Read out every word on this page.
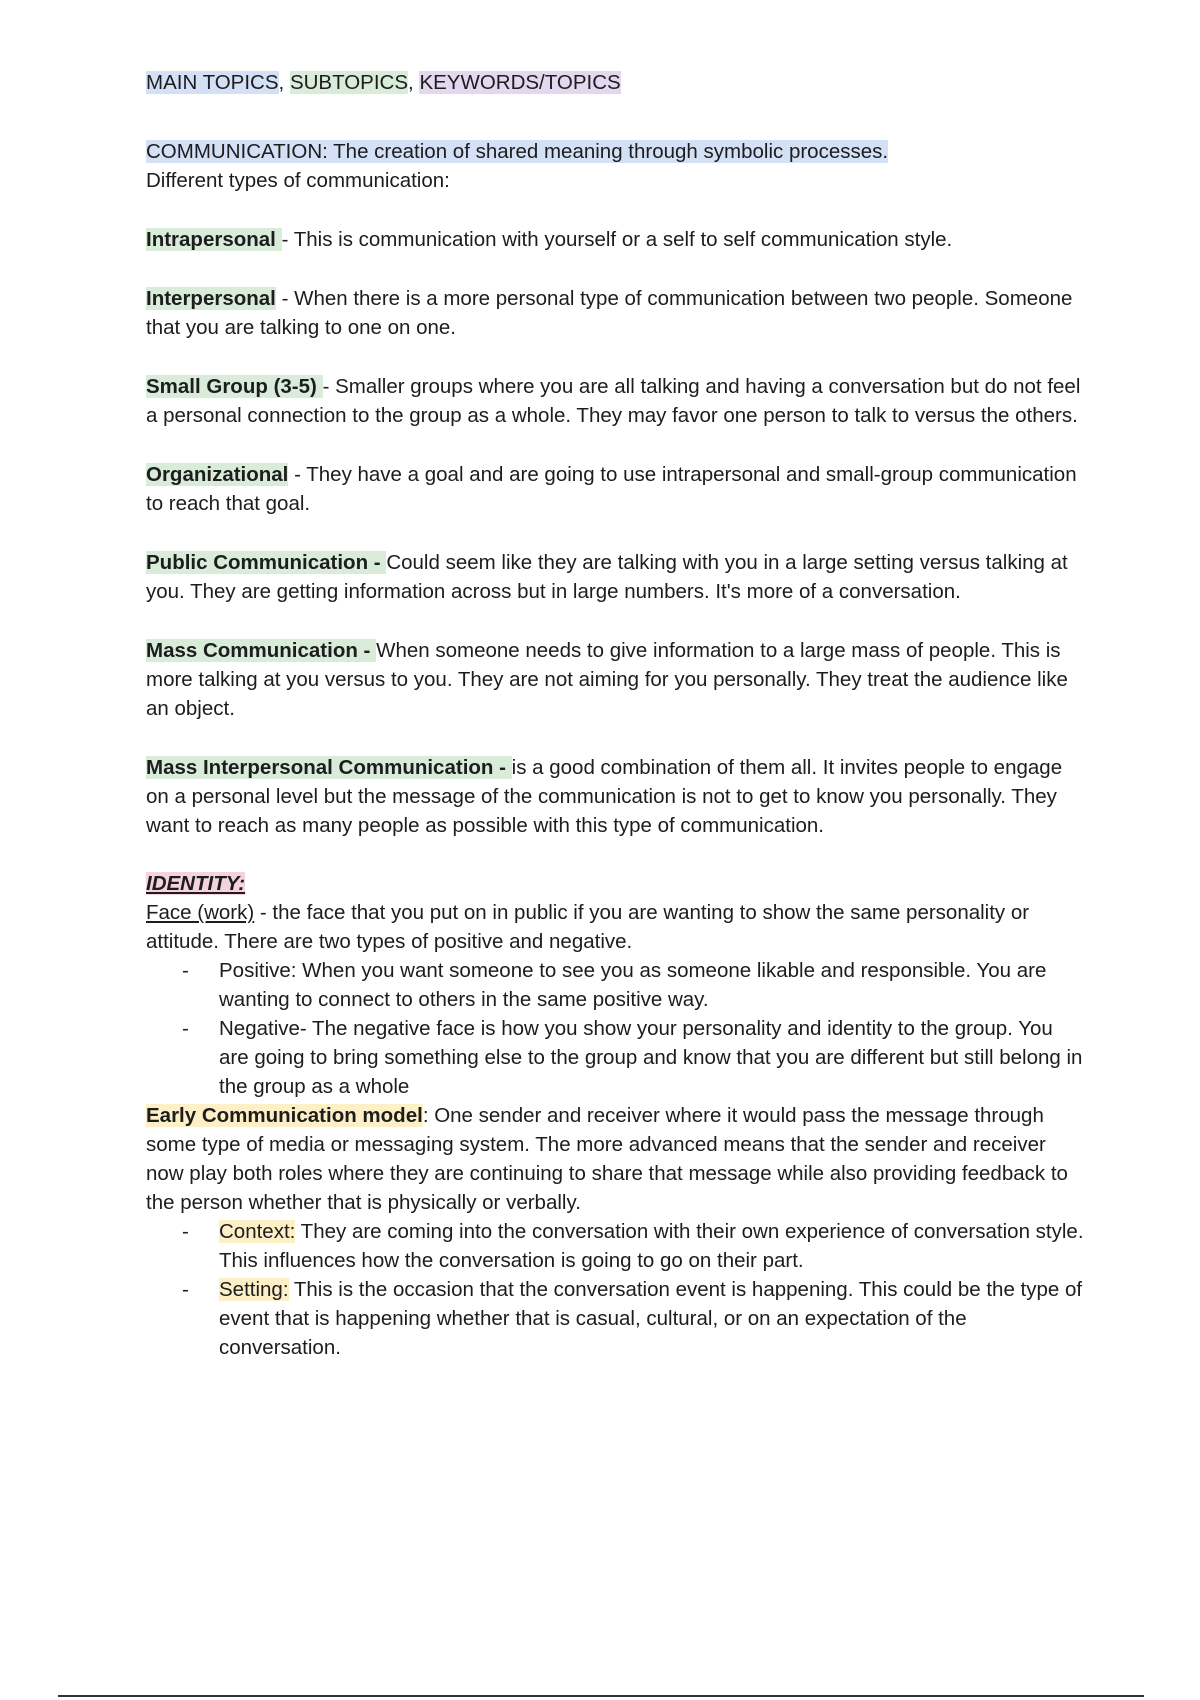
MAIN TOPICS, SUBTOPICS, KEYWORDS/TOPICS

COMMUNICATION: The creation of shared meaning through symbolic processes.

Different types of communication:

Intrapersonal - This is communication with yourself or a self to self communication style.

Interpersonal - When there is a more personal type of communication between two people. Someone that you are talking to one on one.

Small Group (3-5) - Smaller groups where you are all talking and having a conversation but do not feel a personal connection to the group as a whole. They may favor one person to talk to versus the others.

Organizational - They have a goal and are going to use intrapersonal and small-group communication to reach that goal.

Public Communication - Could seem like they are talking with you in a large setting versus talking at you. They are getting information across but in large numbers. It's more of a conversation.

Mass Communication - When someone needs to give information to a large mass of people. This is more talking at you versus to you. They are not aiming for you personally. They treat the audience like an object.

Mass Interpersonal Communication - is a good combination of them all. It invites people to engage on a personal level but the message of the communication is not to get to know you personally. They want to reach as many people as possible with this type of communication.

IDENTITY:

Face (work) - the face that you put on in public if you are wanting to show the same personality or attitude. There are two types of positive and negative.

- Positive: When you want someone to see you as someone likable and responsible. You are wanting to connect to others in the same positive way.
- Negative- The negative face is how you show your personality and identity to the group. You are going to bring something else to the group and know that you are different but still belong in the group as a whole

Early Communication model: One sender and receiver where it would pass the message through some type of media or messaging system. The more advanced means that the sender and receiver now play both roles where they are continuing to share that message while also providing feedback to the person whether that is physically or verbally.

- Context: They are coming into the conversation with their own experience of conversation style. This influences how the conversation is going to go on their part.
- Setting: This is the occasion that the conversation event is happening. This could be the type of event that is happening whether that is casual, cultural, or on an expectation of the conversation.
